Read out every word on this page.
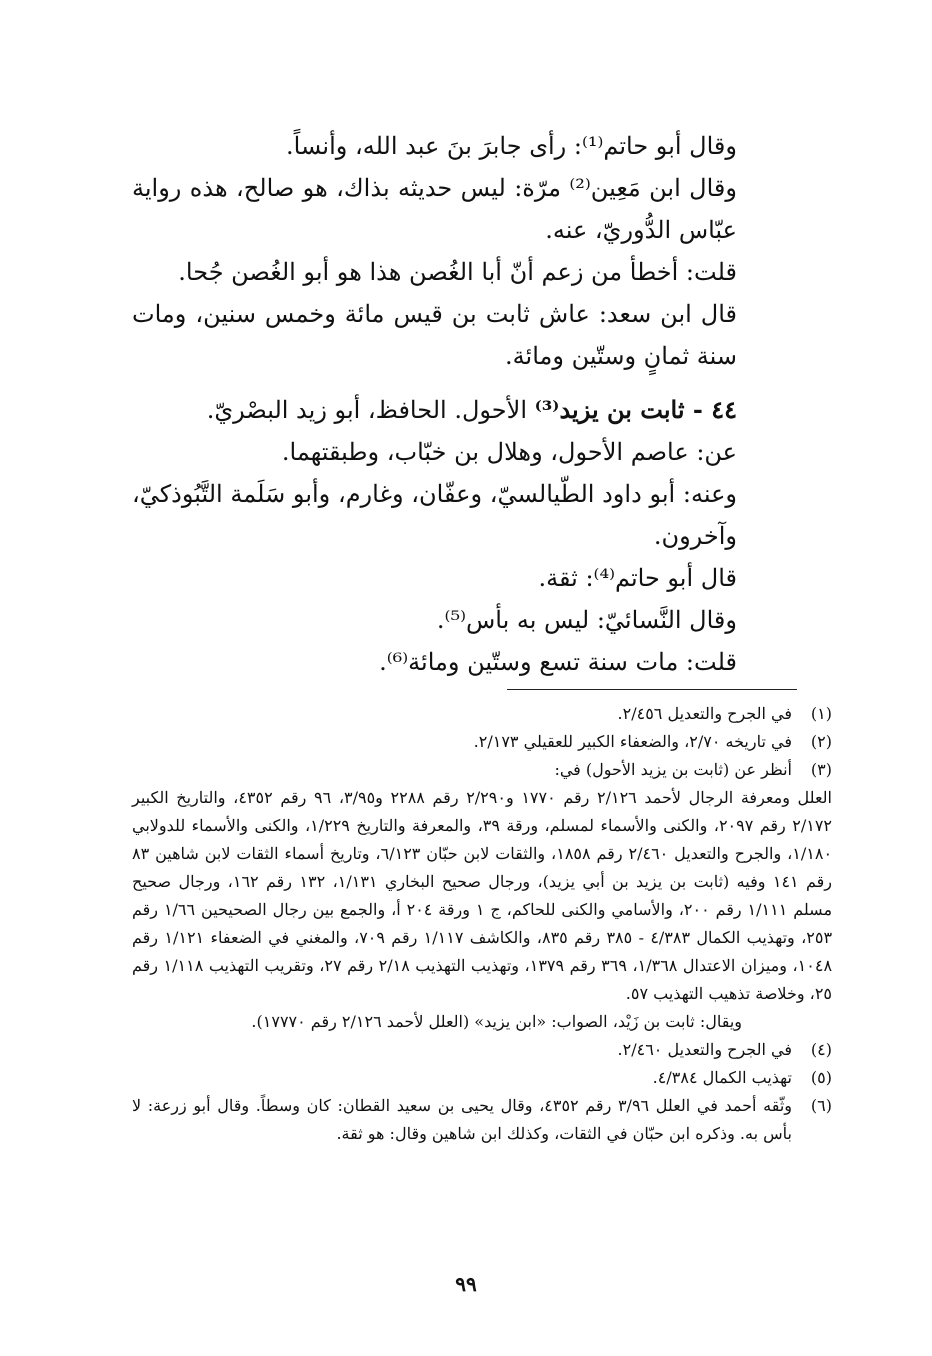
وقال أبو حاتم⁽¹⁾: رأى جابرَ بنَ عبد الله، وأنساً.

وقال ابن مَعِين⁽²⁾ مرّة: ليس حديثه بذاك، هو صالح، هذه رواية عبّاس الدُّوريّ، عنه.

قلت: أخطأ من زعم أنّ أبا الغُصن هذا هو أبو الغُصن جُحا.

قال ابن سعد: عاش ثابت بن قيس مائة وخمس سنين، ومات سنة ثمانٍ وستّين ومائة.

٤٤ - ثابت بن يزيد⁽³⁾ الأحول. الحافظ، أبو زيد البصْريّ.

عن: عاصم الأحول، وهلال بن خبّاب، وطبقتهما.

وعنه: أبو داود الطّيالسيّ، وعفّان، وغارم، وأبو سَلَمة التَّبُوذكيّ، وآخرون.

قال أبو حاتم⁽⁴⁾: ثقة.

وقال النَّسائيّ: ليس به بأس⁽⁵⁾.

قلت: مات سنة تسع وستّين ومائة⁽⁶⁾.

(١)

في الجرح والتعديل ٢/٤٥٦.

(٢)

في تاريخه ٢/٧٠، والضعفاء الكبير للعقيلي ٢/١٧٣.

(٣)

أنظر عن (ثابت بن يزيد الأحول) في:

العلل ومعرفة الرجال لأحمد ٢/١٢٦ رقم ١٧٧٠ و٢/٢٩٠ رقم ٢٢٨٨ و٣/٩٥، ٩٦ رقم ٤٣٥٢، والتاريخ الكبير ٢/١٧٢ رقم ٢٠٩٧، والكنى والأسماء لمسلم، ورقة ٣٩، والمعرفة والتاريخ ١/٢٢٩، والكنى والأسماء للدولابي ١/١٨٠، والجرح والتعديل ٢/٤٦٠ رقم ١٨٥٨، والثقات لابن حبّان ٦/١٢٣، وتاريخ أسماء الثقات لابن شاهين ٨٣ رقم ١٤١ وفيه (ثابت بن يزيد بن أبي يزيد)، ورجال صحيح البخاري ١/١٣١، ١٣٢ رقم ١٦٢، ورجال صحيح مسلم ١/١١١ رقم ٢٠٠، والأسامي والكنى للحاكم، ج ١ ورقة ٢٠٤ أ، والجمع بين رجال الصحيحين ١/٦٦ رقم ٢٥٣، وتهذيب الكمال ٤/٣٨٣ - ٣٨٥ رقم ٨٣٥، والكاشف ١/١١٧ رقم ٧٠٩، والمغني في الضعفاء ١/١٢١ رقم ١٠٤٨، وميزان الاعتدال ١/٣٦٨، ٣٦٩ رقم ١٣٧٩، وتهذيب التهذيب ٢/١٨ رقم ٢٧، وتقريب التهذيب ١/١١٨ رقم ٢٥، وخلاصة تذهيب التهذيب ٥٧.

ويقال: ثابت بن زَيْد، الصواب: «ابن يزيد» (العلل لأحمد ٢/١٢٦ رقم ١٧٧٧٠).

(٤)

في الجرح والتعديل ٢/٤٦٠.

(٥)

تهذيب الكمال ٤/٣٨٤.

(٦)

وثّقه أحمد في العلل ٣/٩٦ رقم ٤٣٥٢، وقال يحيى بن سعيد القطان: كان وسطاً. وقال أبو زرعة: لا بأس به. وذكره ابن حبّان في الثقات، وكذلك ابن شاهين وقال: هو ثقة.

٩٩
